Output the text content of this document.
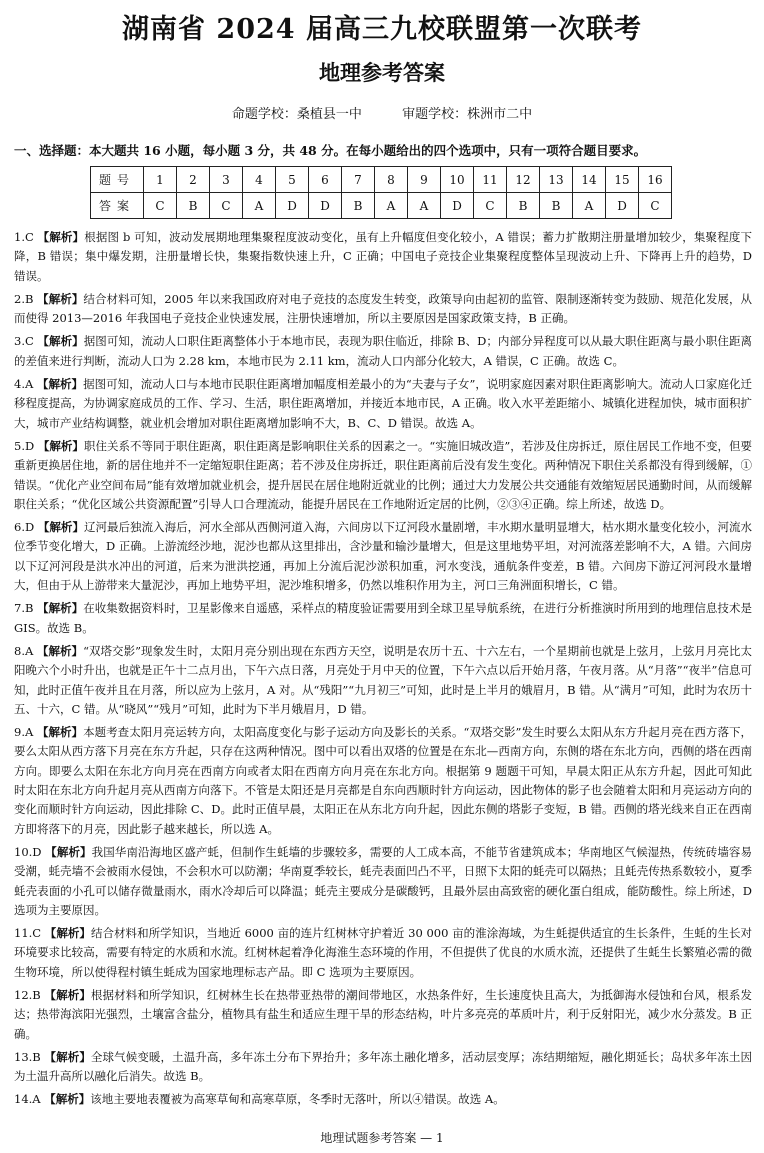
湖南省 2024 届高三九校联盟第一次联考
地理参考答案
命题学校：桑植县一中	审题学校：株洲市二中
一、选择题：本大题共 16 小题，每小题 3 分，共 48 分。在每小题给出的四个选项中，只有一项符合题目要求。
题号	1	2	3	4	5	6	7	8	9	10	11	12	13	14	15	16
答案	C	B	C	A	D	D	B	A	A	D	C	B	B	A	D	C

1.C 【解析】根据图 b 可知，波动发展期地理集聚程度波动变化，虽有上升幅度但变化较小，A 错误；蓄力扩散期注册量增加较少，集聚程度下降，B 错误；集中爆发期，注册量增长快，集聚指数快速上升，C 正确；中国电子竞技企业集聚程度整体呈现波动上升、下降再上升的趋势，D 错误。

2.B 【解析】结合材料可知，2005 年以来我国政府对电子竞技的态度发生转变，政策导向由起初的监管、限制逐渐转变为鼓励、规范化发展，从而使得 2013—2016 年我国电子竞技企业快速发展，注册快速增加，所以主要原因是国家政策支持，B 正确。

3.C 【解析】据图可知，流动人口职住距离整体小于本地市民，表现为职住临近，排除 B、D；内部分异程度可以从最大职住距离与最小职住距离的差值来进行判断，流动人口为 2.28 km，本地市民为 2.11 km，流动人口内部分化较大，A 错误，C 正确。故选 C。

4.A 【解析】据图可知，流动人口与本地市民职住距离增加幅度相差最小的为“夫妻与子女”，说明家庭因素对职住距离影响大。流动人口家庭化迁移程度提高，为协调家庭成员的工作、学习、生活，职住距离增加，并接近本地市民，A 正确。收入水平差距缩小、城镇化进程加快，城市面积扩大，城市产业结构调整，就业机会增加对职住距离增加影响不大，B、C、D 错误。故选 A。

5.D 【解析】职住关系不等同于职住距离，职住距离是影响职住关系的因素之一。“实施旧城改造”，若涉及住房拆迁，原住居民工作地不变，但要重新更换居住地，新的居住地并不一定缩短职住距离；若不涉及住房拆迁，职住距离前后没有发生变化。两种情况下职住关系都没有得到缓解，①错误。“优化产业空间布局”能有效增加就业机会，提升居民在居住地附近就业的比例；通过大力发展公共交通能有效缩短居民通勤时间，从而缓解职住关系；“优化区域公共资源配置”引导人口合理流动，能提升居民在工作地附近定居的比例，②③④正确。综上所述，故选 D。

6.D 【解析】辽河最后独流入海后，河水全部从西侧河道入海，六间房以下辽河段水量剧增，丰水期水量明显增大，枯水期水量变化较小，河流水位季节变化增大，D 正确。上游流经沙地，泥沙也都从这里排出，含沙量和输沙量增大，但是这里地势平坦，对河流落差影响不大，A 错。六间房以下辽河河段是洪水冲出的河道，后来为泄洪挖通，再加上分流后泥沙淤积加重，河水变浅，通航条件变差，B 错。六间房下游辽河河段水量增大，但由于从上游带来大量泥沙，再加上地势平坦，泥沙堆积增多，仍然以堆积作用为主，河口三角洲面积增长，C 错。

7.B 【解析】在收集数据资料时，卫星影像来自遥感，采样点的精度验证需要用到全球卫星导航系统，在进行分析推演时所用到的地理信息技术是 GIS。故选 B。

8.A 【解析】“双塔交影”现象发生时，太阳月亮分别出现在东西方天空，说明是农历十五、十六左右，一个星期前也就是上弦月，上弦月月亮比太阳晚六个小时升出，也就是正午十二点月出，下午六点日落，月亮处于月中天的位置，下午六点以后开始月落，午夜月落。从“月落”“夜半”信息可知，此时正值午夜并且在月落，所以应为上弦月，A 对。从“残阳”“九月初三”可知，此时是上半月的娥眉月，B 错。从“满月”可知，此时为农历十五、十六，C 错。从“晓风”“残月”可知，此时为下半月娥眉月，D 错。

9.A 【解析】本题考查太阳月亮运转方向，太阳高度变化与影子运动方向及影长的关系。“双塔交影”发生时要么太阳从东方升起月亮在西方落下，要么太阳从西方落下月亮在东方升起，只存在这两种情况。图中可以看出双塔的位置是在东北—西南方向，东侧的塔在东北方向，西侧的塔在西南方向。即要么太阳在东北方向月亮在西南方向或者太阳在西南方向月亮在东北方向。根据第 9 题题干可知，早晨太阳正从东方升起，因此可知此时太阳在东北方向升起月亮从西南方向落下。不管是太阳还是月亮都是自东向西顺时针方向运动，因此物体的影子也会随着太阳和月亮运动方向的变化而顺时针方向运动，因此排除 C、D。此时正值早晨，太阳正在从东北方向升起，因此东侧的塔影子变短，B 错。西侧的塔光线来自正在西南方即将落下的月亮，因此影子越来越长，所以选 A。

10.D 【解析】我国华南沿海地区盛产蚝，但制作生蚝墙的步骤较多，需要的人工成本高，不能节省建筑成本；华南地区气候湿热，传统砖墙容易受潮，蚝壳墙不会被雨水侵蚀，不会积水可以防潮；华南夏季较长，蚝壳表面凹凸不平，日照下太阳的蚝壳可以隔热；且蚝壳传热系数较小，夏季蚝壳表面的小孔可以储存微量雨水，雨水冷却后可以降温；蚝壳主要成分是碳酸钙，且最外层由高致密的硬化蛋白组成，能防酸性。综上所述，D 选项为主要原因。

11.C 【解析】结合材料和所学知识，当地近 6000 亩的连片红树林守护着近 30 000 亩的淮涂海域，为生蚝提供适宜的生长条件，生蚝的生长对环境要求比较高，需要有特定的水质和水流。红树林起着净化海淮生态环境的作用，不但提供了优良的水质水流，还提供了生蚝生长繁殖必需的微生物环境，所以使得程村镇生蚝成为国家地理标志产品。即 C 选项为主要原因。

12.B 【解析】根据材料和所学知识，红树林生长在热带亚热带的潮间带地区，水热条件好，生长速度快且高大，为抵御海水侵蚀和台风，根系发达；热带海滨阳光强烈，土壤富含盐分，植物具有盐生和适应生理干旱的形态结构，叶片多亮亮的革质叶片，利于反射阳光，减少水分蒸发。B 正确。

13.B 【解析】全球气候变暖，土温升高，多年冻土分布下界抬升；多年冻土融化增多，活动层变厚；冻结期缩短，融化期延长；岛状多年冻土因为土温升高所以融化后消失。故选 B。

14.A 【解析】该地主要地表覆被为高寒草甸和高寒草原，冬季时无落叶，所以④错误。故选 A。

地理试题参考答案 — 1
